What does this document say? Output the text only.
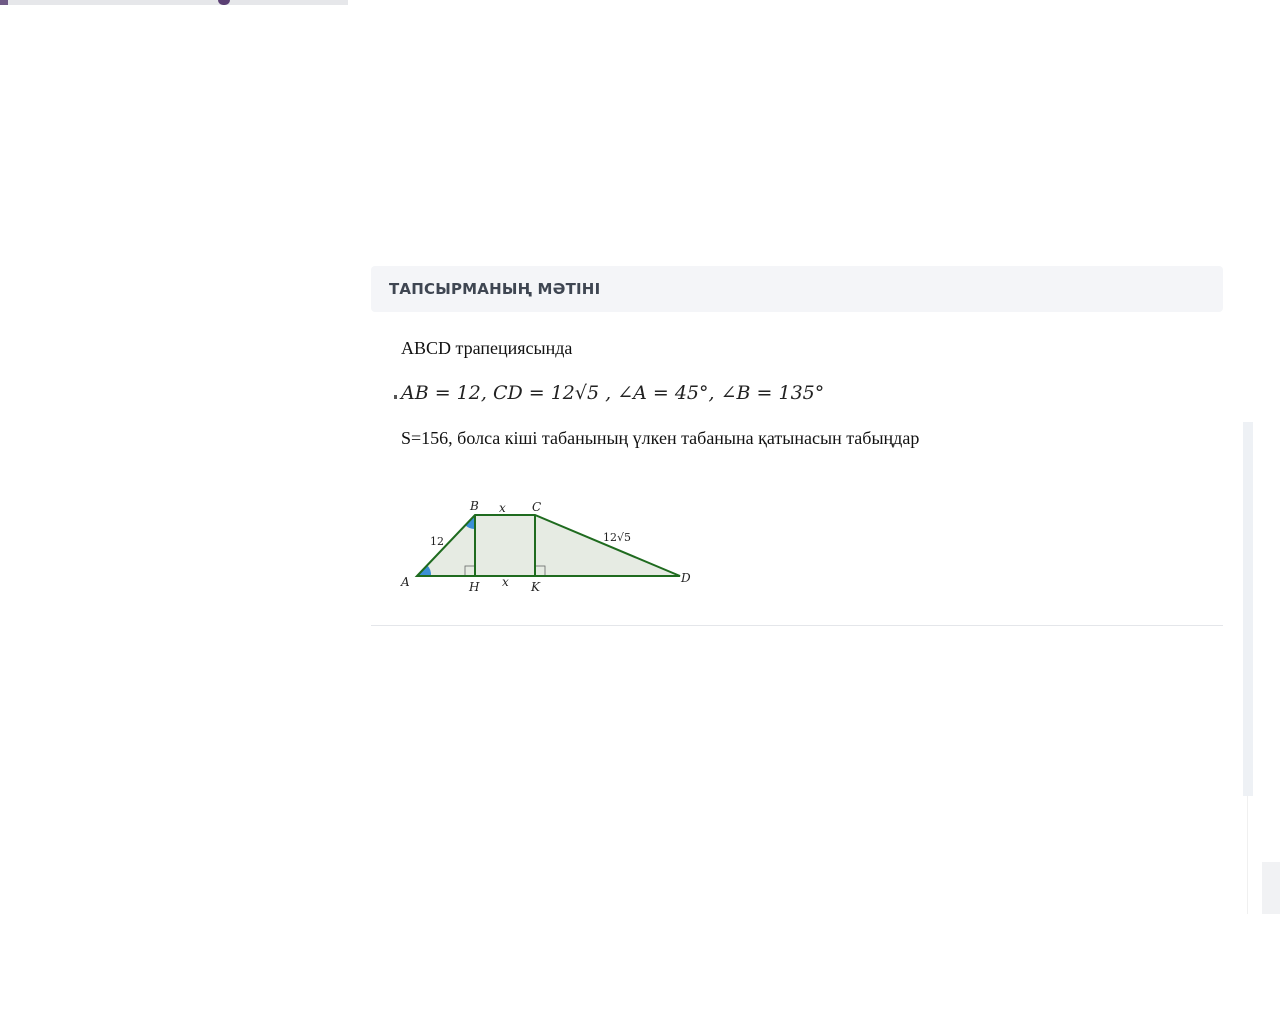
ТАПСЫРМАНЫҢ МӘТІНІ
ABCD трапециясында
AB = 12, CD = 12√5 , ∠A = 45°, ∠B = 135°
S=156, болса кіші табанының үлкен табанына қатынасын табыңдар
B	C
x
12	12√5
A	D
H x K
